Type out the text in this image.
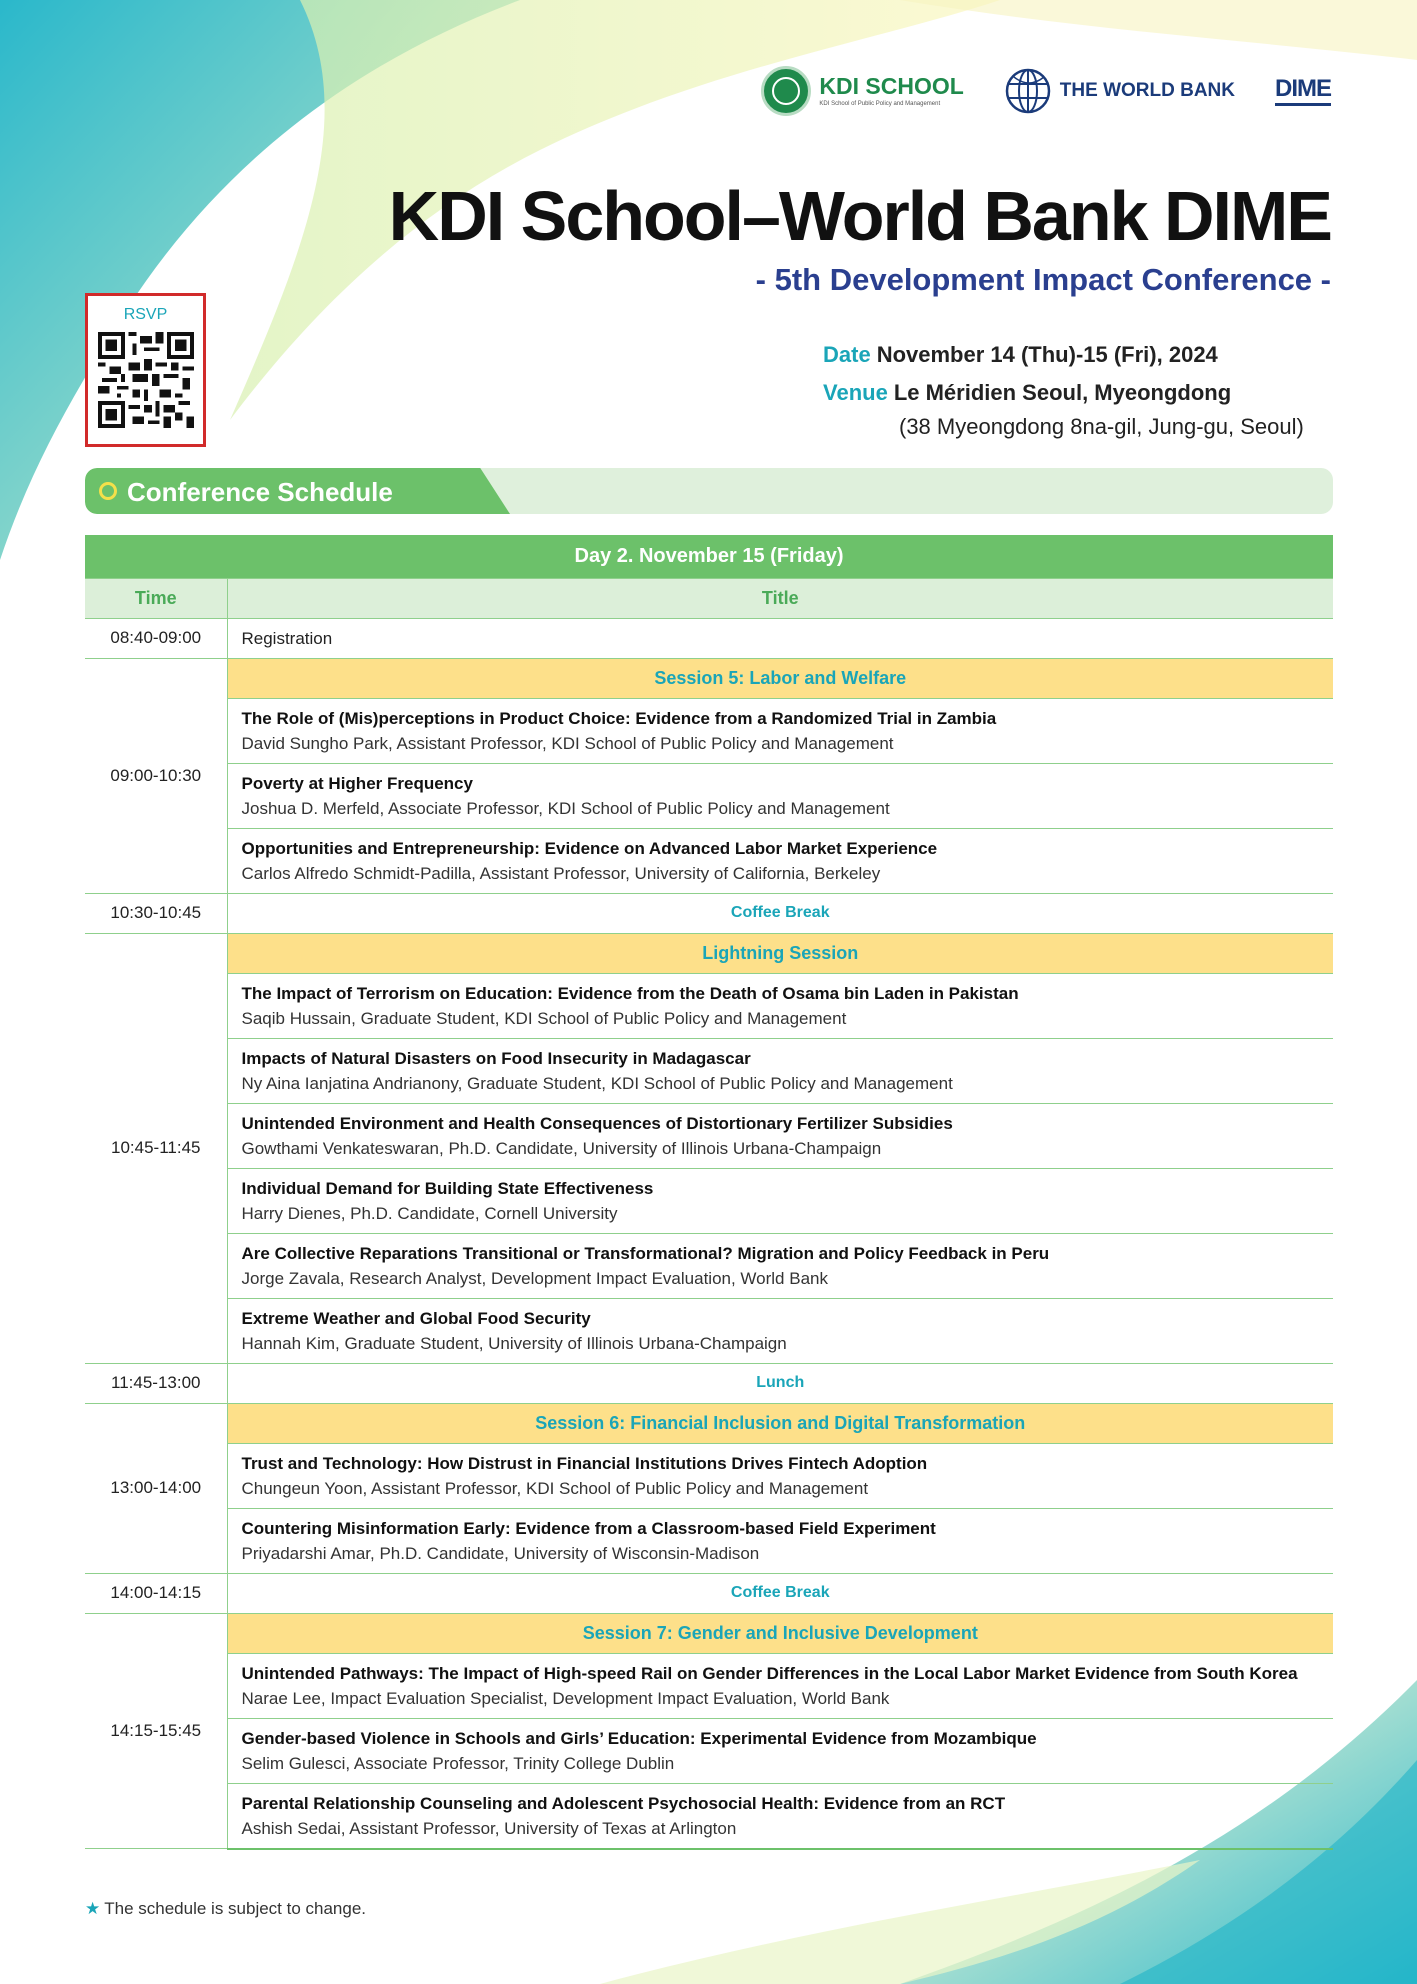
KDI SCHOOL
KDI School of Public Policy and Management
THE WORLD BANK DIME
KDI School–World Bank DIME
- 5th Development Impact Conference -
RSVP
Date November 14 (Thu)-15 (Fri), 2024
Venue Le Méridien Seoul, Myeongdong
(38 Myeongdong 8na-gil, Jung-gu, Seoul)
Conference Schedule
Day 2. November 15 (Friday)	
Time	Title
08:40-09:00	Registration
09:00-10:30	Session 5: Labor and Welfare

	The Role of (Mis)perceptions in Product Choice: Evidence from a Randomized Trial in Zambia
David Sungho Park, Assistant Professor, KDI School of Public Policy and Management

	Poverty at Higher Frequency
Joshua D. Merfeld, Associate Professor, KDI School of Public Policy and Management

	Opportunities and Entrepreneurship: Evidence on Advanced Labor Market Experience
Carlos Alfredo Schmidt-Padilla, Assistant Professor, University of California, Berkeley

10:30-10:45	Coffee Break
10:45-11:45	Lightning Session

	The Impact of Terrorism on Education: Evidence from the Death of Osama bin Laden in Pakistan
Saqib Hussain, Graduate Student, KDI School of Public Policy and Management

	Impacts of Natural Disasters on Food Insecurity in Madagascar
Ny Aina Ianjatina Andrianony, Graduate Student, KDI School of Public Policy and Management

	Unintended Environment and Health Consequences of Distortionary Fertilizer Subsidies
Gowthami Venkateswaran, Ph.D. Candidate, University of Illinois Urbana-Champaign

	Individual Demand for Building State Effectiveness
Harry Dienes, Ph.D. Candidate, Cornell University

	Are Collective Reparations Transitional or Transformational? Migration and Policy Feedback in Peru
Jorge Zavala, Research Analyst, Development Impact Evaluation, World Bank

	Extreme Weather and Global Food Security
Hannah Kim, Graduate Student, University of Illinois Urbana-Champaign

11:45-13:00	Lunch
13:00-14:00	Session 6: Financial Inclusion and Digital Transformation

	Trust and Technology: How Distrust in Financial Institutions Drives Fintech Adoption
Chungeun Yoon, Assistant Professor, KDI School of Public Policy and Management

	Countering Misinformation Early: Evidence from a Classroom-based Field Experiment
Priyadarshi Amar, Ph.D. Candidate, University of Wisconsin-Madison

14:00-14:15	Coffee Break
14:15-15:45	Session 7: Gender and Inclusive Development

	Unintended Pathways: The Impact of High-speed Rail on Gender Differences in the Local Labor Market Evidence from South Korea
Narae Lee, Impact Evaluation Specialist, Development Impact Evaluation, World Bank

	Gender-based Violence in Schools and Girls’ Education: Experimental Evidence from Mozambique
Selim Gulesci, Associate Professor, Trinity College Dublin

	Parental Relationship Counseling and Adolescent Psychosocial Health: Evidence from an RCT
Ashish Sedai, Assistant Professor, University of Texas at Arlington
★ The schedule is subject to change.
